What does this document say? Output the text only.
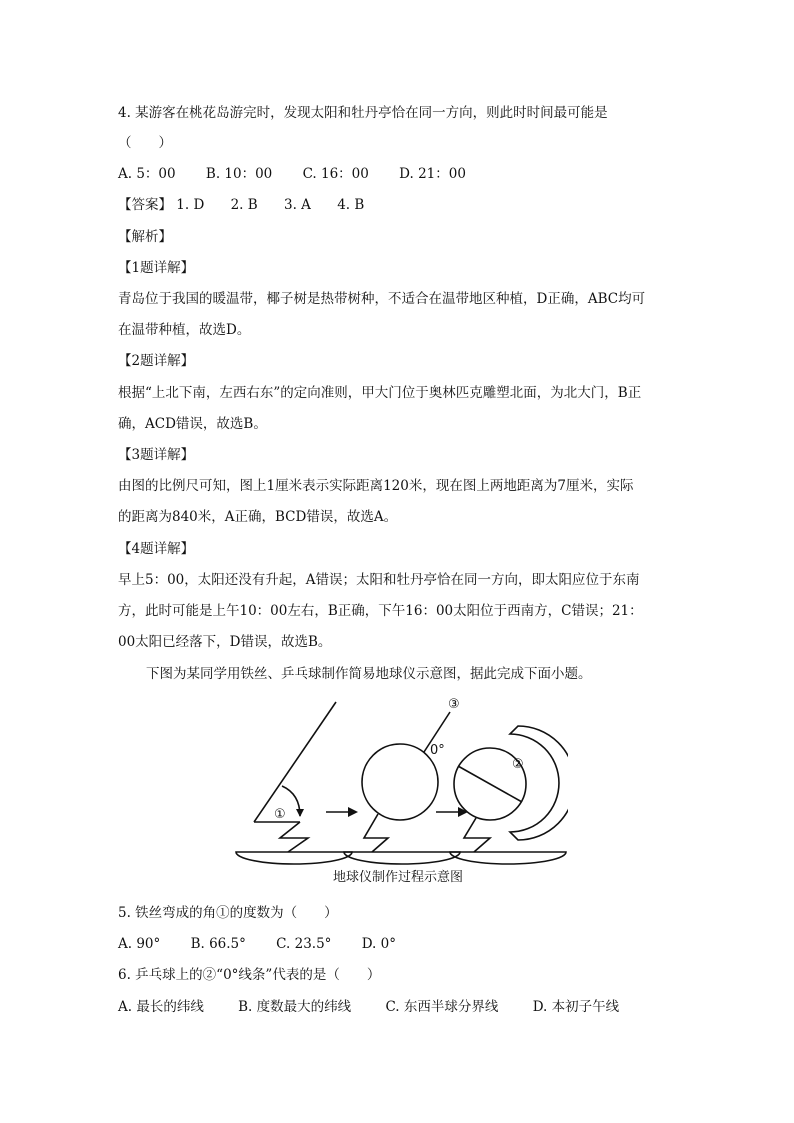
4. 某游客在桃花岛游完时，发现太阳和牡丹亭恰在同一方向，则此时时间最可能是
（　　）
A. 5：00 B. 10：00 C. 16：00 D. 21：00
【答案】 1. D 2. B 3. A 4. B
【解析】
【1题详解】
青岛位于我国的暖温带，椰子树是热带树种，不适合在温带地区种植，D正确，ABC均可
在温带种植，故选D。
【2题详解】
根据“上北下南，左西右东”的定向准则，甲大门位于奥林匹克雕塑北面，为北大门，B正
确，ACD错误，故选B。
【3题详解】
由图的比例尺可知，图上1厘米表示实际距离120米，现在图上两地距离为7厘米，实际
的距离为840米，A正确，BCD错误，故选A。
【4题详解】
早上5：00，太阳还没有升起，A错误；太阳和牡丹亭恰在同一方向，即太阳应位于东南
方，此时可能是上午10：00左右，B正确，下午16：00太阳位于西南方，C错误；21：
00太阳已经落下，D错误，故选B。
下图为某同学用铁丝、乒乓球制作简易地球仪示意图，据此完成下面小题。
①
③
②
0°
地球仪制作过程示意图
5. 铁丝弯成的角①的度数为（　　）
A. 90° B. 66.5° C. 23.5° D. 0°
6. 乒乓球上的②“0°线条”代表的是（　　）
A. 最长的纬线	B. 度数最大的纬线	C. 东西半球分界线	D. 本初子午线
